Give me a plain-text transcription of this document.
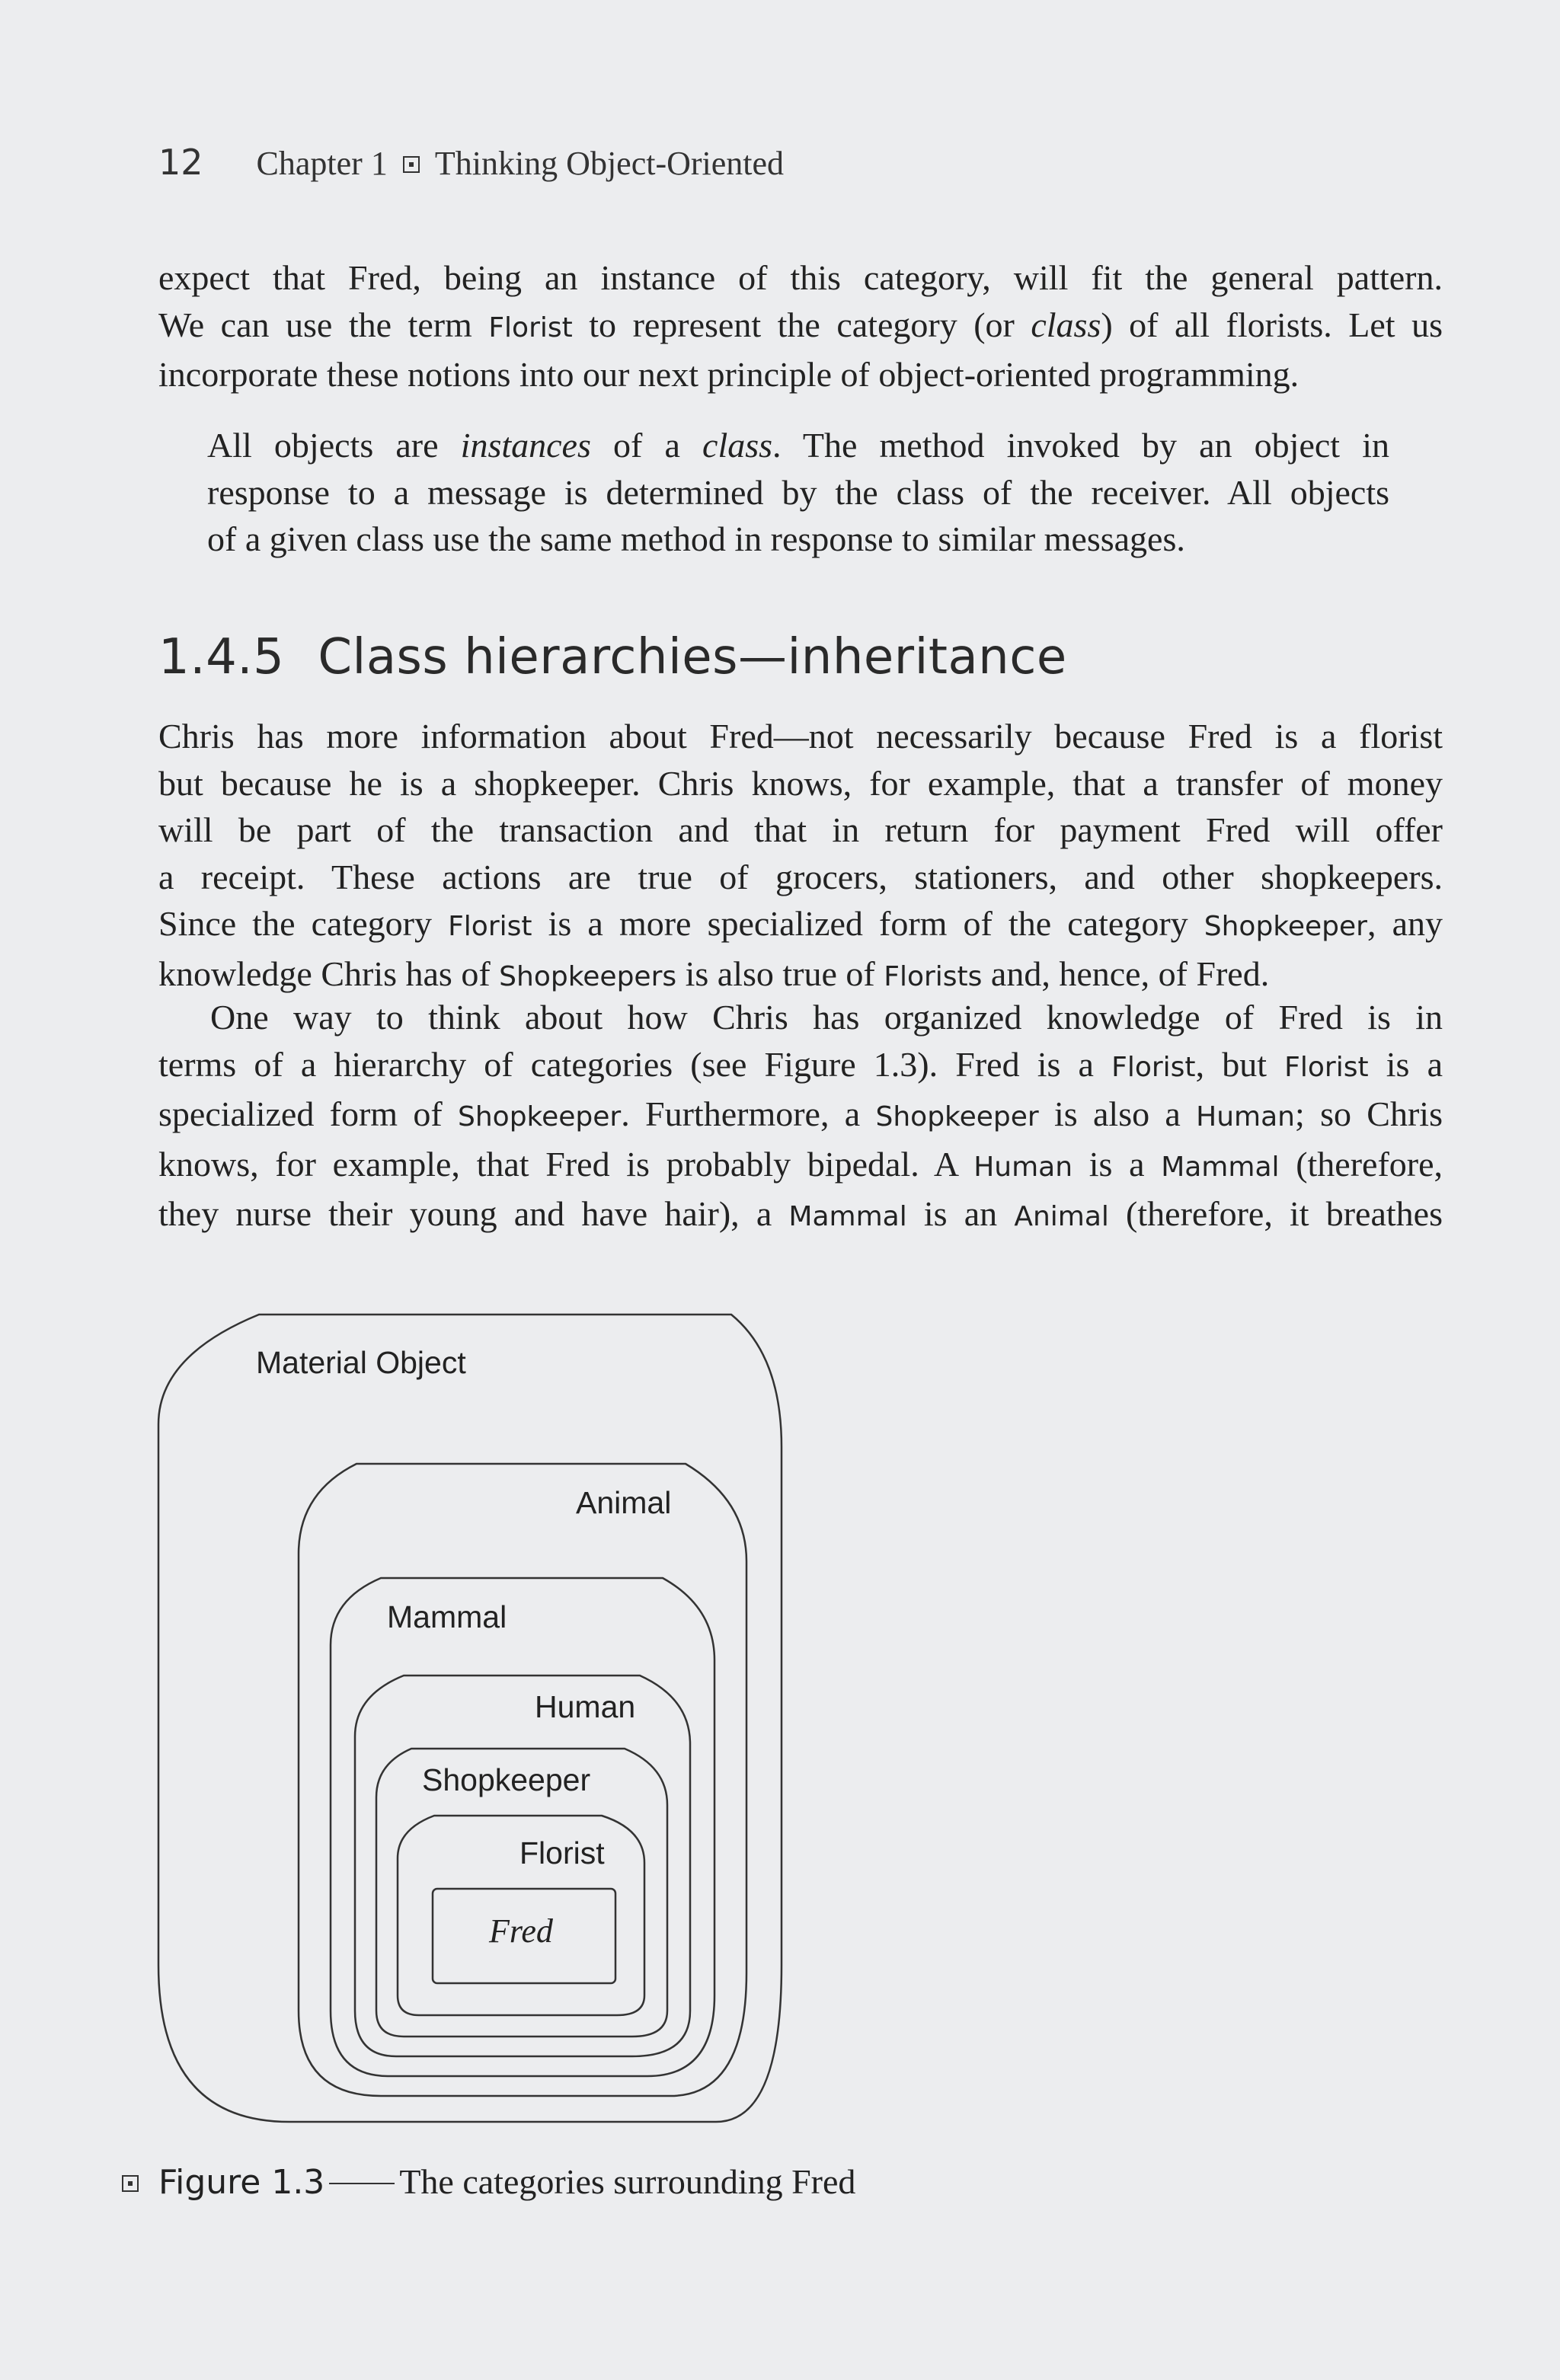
12 Chapter 1 Thinking Object-Oriented

expect that Fred, being an instance of this category, will fit the general pattern.
We can use the term Florist to represent the category (or class) of all florists. Let us
incorporate these notions into our next principle of object-oriented programming.

All objects are instances of a class. The method invoked by an object in
response to a message is determined by the class of the receiver. All objects
of a given class use the same method in response to similar messages.

1.4.5 Class hierarchies—inheritance

Chris has more information about Fred—not necessarily because Fred is a florist
but because he is a shopkeeper. Chris knows, for example, that a transfer of money
will be part of the transaction and that in return for payment Fred will offer
a receipt. These actions are true of grocers, stationers, and other shopkeepers.
Since the category Florist is a more specialized form of the category Shopkeeper, any
knowledge Chris has of Shopkeepers is also true of Florists and, hence, of Fred.

One way to think about how Chris has organized knowledge of Fred is in
terms of a hierarchy of categories (see Figure 1.3). Fred is a Florist, but Florist is a
specialized form of Shopkeeper. Furthermore, a Shopkeeper is also a Human; so Chris
knows, for example, that Fred is probably bipedal. A Human is a Mammal (therefore,
they nurse their young and have hair), a Mammal is an Animal (therefore, it breathes

Material Object
Animal
Mammal
Human
Shopkeeper
Florist
Fred
Figure 1.3 The categories surrounding Fred
